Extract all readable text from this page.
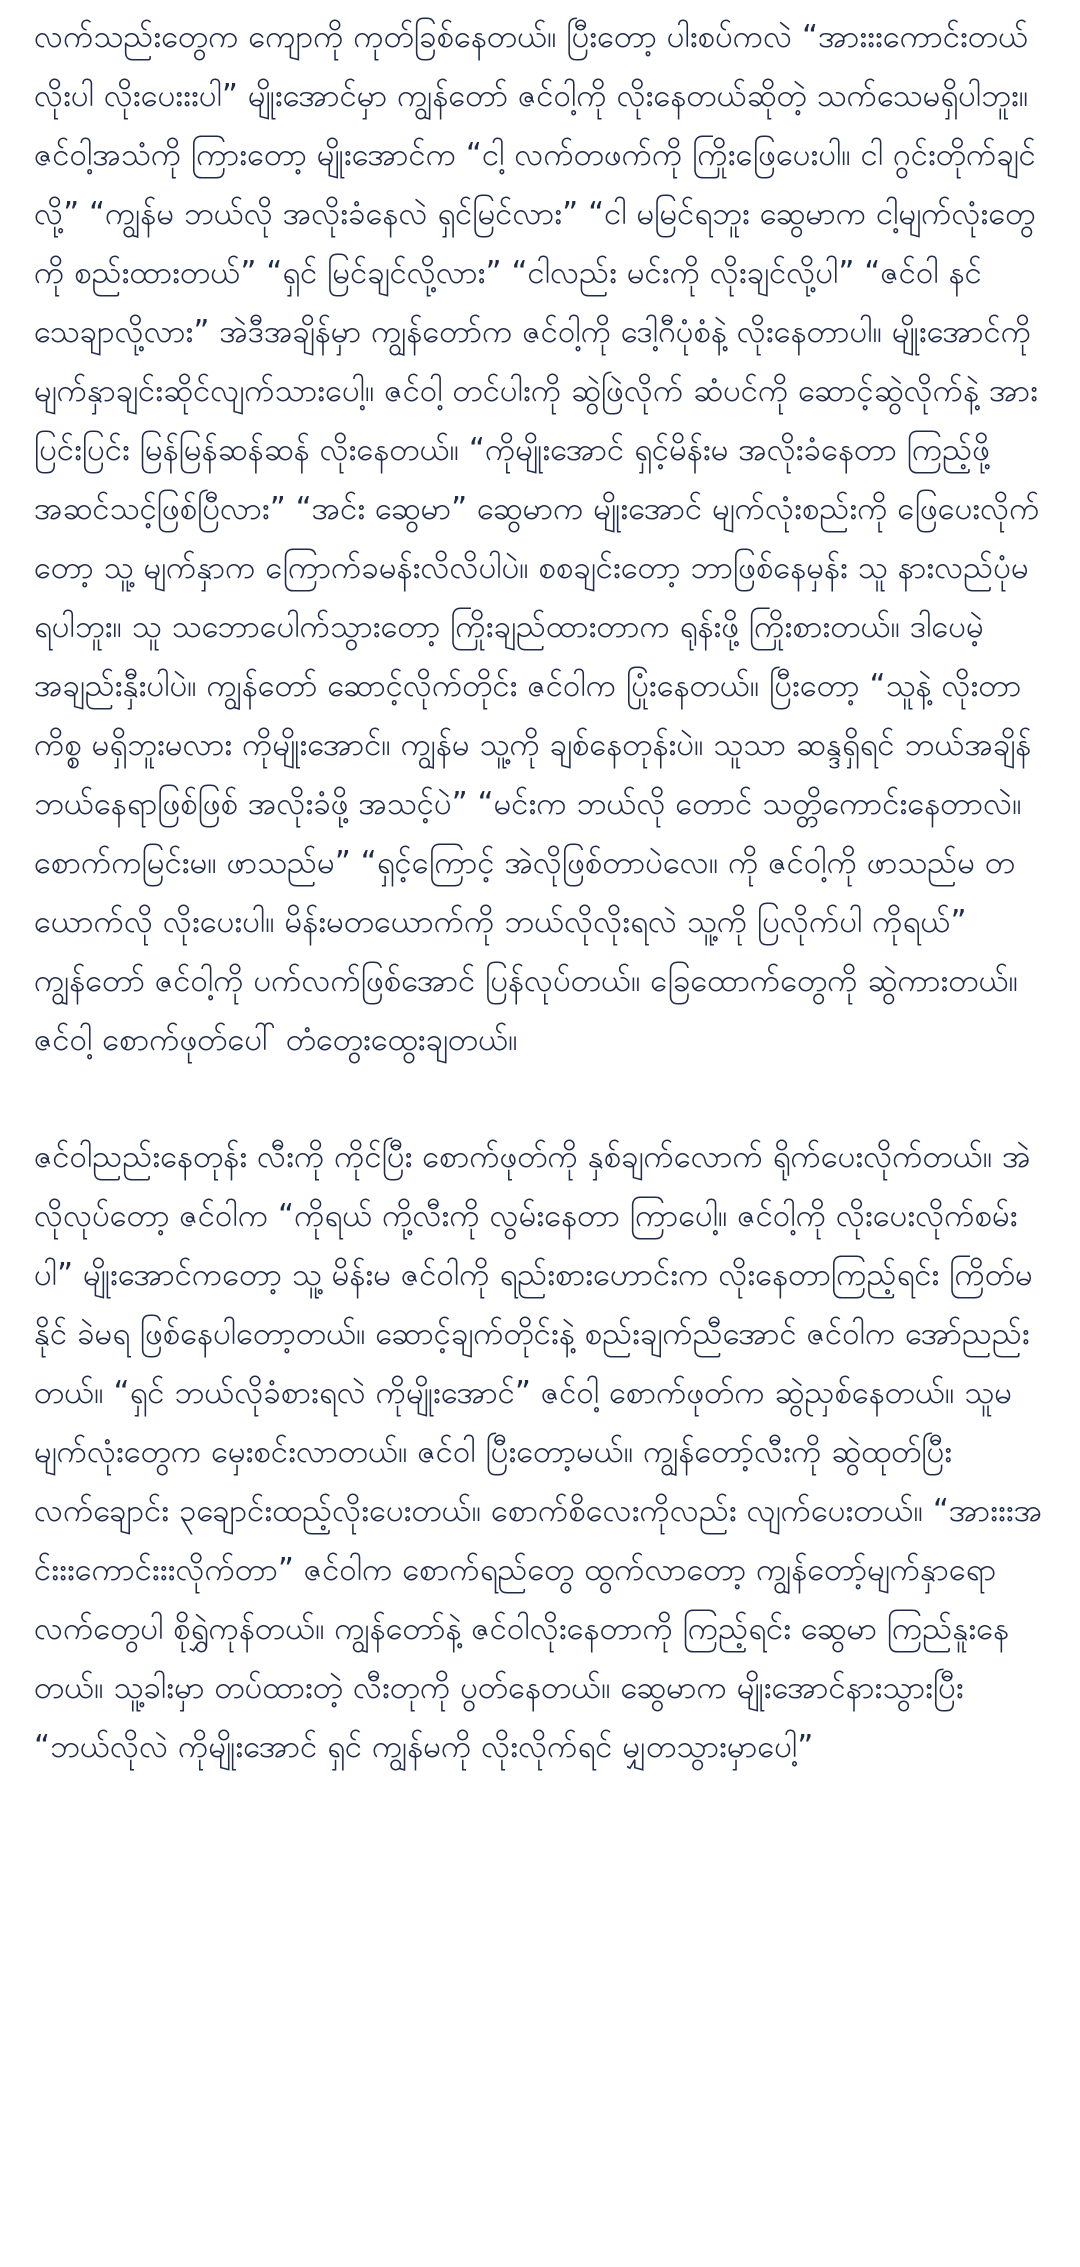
လက်သည်းတွေက ကျောကို ကုတ်ခြစ်နေတယ်။ ပြီးတော့ ပါးစပ်ကလဲ “အားးးကောင်းတယ် လိုးပါ လိုးပေးးးပါ” မျိုးအောင်မှာ ကျွန်တော် ဇင်ဝါ့ကို လိုးနေတယ်ဆိုတဲ့ သက်သေမရှိပါဘူး။ ဇင်ဝါ့အသံကို ကြားတော့ မျိုးအောင်က “ငါ့ လက်တဖက်ကို ကြိုးဖြေပေးပါ။ ငါ ဂွင်းတိုက်ချင်လို့” “ကျွန်မ ဘယ်လို အလိုးခံနေလဲ ရှင်မြင်လား” “ငါ မမြင်ရဘူး ဆွေမာက ငါ့မျက်လုံးတွေကို စည်းထားတယ်” “ရှင် မြင်ချင်လို့လား” “ငါလည်း မင်းကို လိုးချင်လို့ပါ” “ဇင်ဝါ နင်သေချာလို့လား” အဲဒီအချိန်မှာ ကျွန်တော်က ဇင်ဝါ့ကို ဒေါ့ဂီပုံစံနဲ့ လိုးနေတာပါ။ မျိုးအောင်ကို မျက်နှာချင်းဆိုင်လျက်သားပေါ့။ ဇင်ဝါ့ တင်ပါးကို ဆွဲဖြဲလိုက် ဆံပင်ကို ဆောင့်ဆွဲလိုက်နဲ့ အားပြင်းပြင်း မြန်မြန်ဆန်ဆန် လိုးနေတယ်။ “ကိုမျိုးအောင် ရှင့်မိန်းမ အလိုးခံနေတာ ကြည့်ဖို့ အဆင်သင့်ဖြစ်ပြီလား” “အင်း ဆွေမာ” ဆွေမာက မျိုးအောင် မျက်လုံးစည်းကို ဖြေပေးလိုက်တော့ သူ့ မျက်နှာက ကြောက်ခမန်းလိလိပါပဲ။ စစချင်းတော့ ဘာဖြစ်နေမှန်း သူ နားလည်ပုံမရပါဘူး။ သူ သဘောပေါက်သွားတော့ ကြိုးချည်ထားတာက ရုန်းဖို့ ကြိုးစားတယ်။ ဒါပေမဲ့ အချည်းနှီးပါပဲ။ ကျွန်တော် ဆောင့်လိုက်တိုင်း ဇင်ဝါက ပြုံးနေတယ်။ ပြီးတော့ “သူနဲ့ လိုးတာ ကိစ္စ မရှိဘူးမလား ကိုမျိုးအောင်။ ကျွန်မ သူ့ကို ချစ်နေတုန်းပဲ။ သူသာ ဆန္ဒရှိရင် ဘယ်အချိန် ဘယ်နေရာဖြစ်ဖြစ် အလိုးခံဖို့ အသင့်ပဲ” “မင်းက ဘယ်လို တောင် သတ္တိကောင်းနေတာလဲ။ စောက်ကမြင်းမ။ ဖာသည်မ” “ရှင့်ကြောင့် အဲလိုဖြစ်တာပဲလေ။ ကို ဇင်ဝါ့ကို ဖာသည်မ တယောက်လို လိုးပေးပါ။ မိန်းမတယောက်ကို ဘယ်လိုလိုးရလဲ သူ့ကို ပြလိုက်ပါ ကိုရယ်” ကျွန်တော် ဇင်ဝါ့ကို ပက်လက်ဖြစ်အောင် ပြန်လုပ်တယ်။ ခြေထောက်တွေကို ဆွဲကားတယ်။ ဇင်ဝါ့ စောက်ဖုတ်ပေါ် တံတွေးထွေးချတယ်။

ဇင်ဝါညည်းနေတုန်း လီးကို ကိုင်ပြီး စောက်ဖုတ်ကို နှစ်ချက်လောက် ရိုက်ပေးလိုက်တယ်။ အဲလိုလုပ်တော့ ဇင်ဝါက “ကိုရယ် ကို့လီးကို လွမ်းနေတာ ကြာပေါ့။ ဇင်ဝါ့ကို လိုးပေးလိုက်စမ်းပါ” မျိုးအောင်ကတော့ သူ့ မိန်းမ ဇင်ဝါကို ရည်းစားဟောင်းက လိုးနေတာကြည့်ရင်း ကြိတ်မနိုင် ခဲမရ ဖြစ်နေပါတော့တယ်။ ဆောင့်ချက်တိုင်းနဲ့ စည်းချက်ညီအောင် ဇင်ဝါက အော်ညည်းတယ်။ “ရှင် ဘယ်လိုခံစားရလဲ ကိုမျိုးအောင်” ဇင်ဝါ့ စောက်ဖုတ်က ဆွဲညှစ်နေတယ်။ သူမ မျက်လုံးတွေက မှေးစင်းလာတယ်။ ဇင်ဝါ ပြီးတော့မယ်။ ကျွန်တော့်လီးကို ဆွဲထုတ်ပြီး လက်ချောင်း ၃ချောင်းထည့်လိုးပေးတယ်။ စောက်စိလေးကိုလည်း လျက်ပေးတယ်။ “အားးးအင်းးးကောင်းးးလိုက်တာ” ဇင်ဝါက စောက်ရည်တွေ ထွက်လာတော့ ကျွန်တော့်မျက်နှာရော လက်တွေပါ စိုရွှဲကုန်တယ်။ ကျွန်တော်နဲ့ ဇင်ဝါလိုးနေတာကို ကြည့်ရင်း ဆွေမာ ကြည်နူးနေတယ်။ သူ့ခါးမှာ တပ်ထားတဲ့ လီးတုကို ပွတ်နေတယ်။ ဆွေမာက မျိုးအောင်နားသွားပြီး “ဘယ်လိုလဲ ကိုမျိုးအောင် ရှင် ကျွန်မကို လိုးလိုက်ရင် မျှတသွားမှာပေါ့”
